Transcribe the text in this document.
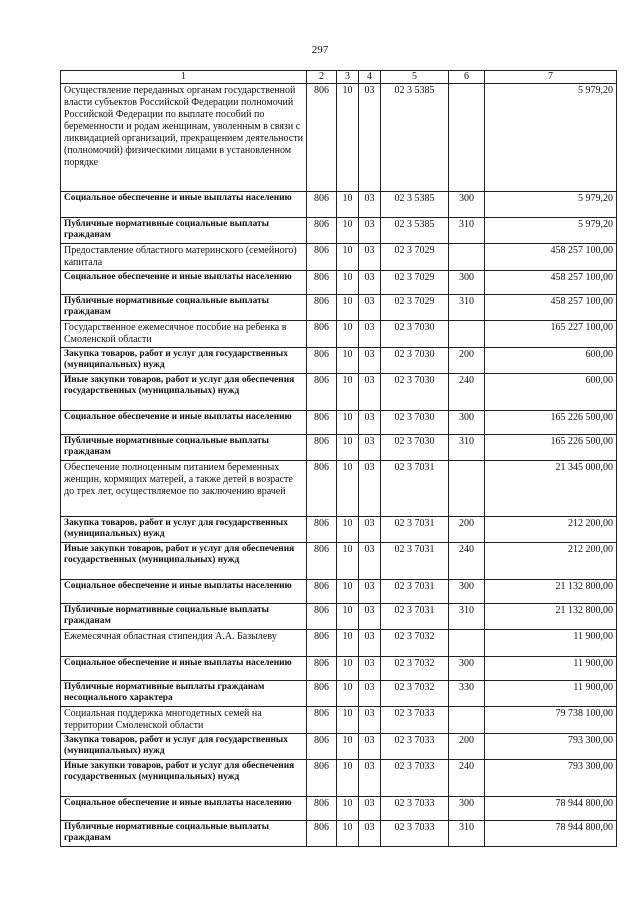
297
1	2	3	4	5	6	7
Осуществление переданных органам государственной власти субъектов Российской Федерации полномочий Российской Федерации по выплате пособий по беременности и родам женщинам, уволенным в связи с ликвидацией организаций, прекращением деятельности (полномочий) физическими лицами в установленном порядке	806	10	03	02 3 5385		5 979,20
Социальное обеспечение и иные выплаты населению	806	10	03	02 3 5385	300	5 979,20
Публичные нормативные социальные выплаты гражданам	806	10	03	02 3 5385	310	5 979,20
Предоставление областного материнского (семейного) капитала	806	10	03	02 3 7029		458 257 100,00
Социальное обеспечение и иные выплаты населению	806	10	03	02 3 7029	300	458 257 100,00
Публичные нормативные социальные выплаты гражданам	806	10	03	02 3 7029	310	458 257 100,00
Государственное ежемесячное пособие на ребенка в Смоленской области	806	10	03	02 3 7030		165 227 100,00
Закупка товаров, работ и услуг для государственных (муниципальных) нужд	806	10	03	02 3 7030	200	600,00
Иные закупки товаров, работ и услуг для обеспечения государственных (муниципальных) нужд	806	10	03	02 3 7030	240	600,00
Социальное обеспечение и иные выплаты населению	806	10	03	02 3 7030	300	165 226 500,00
Публичные нормативные социальные выплаты гражданам	806	10	03	02 3 7030	310	165 226 500,00
Обеспечение полноценным питанием беременных женщин, кормящих матерей, а также детей в возрасте до трех лет, осуществляемое по заключению врачей	806	10	03	02 3 7031		21 345 000,00
Закупка товаров, работ и услуг для государственных (муниципальных) нужд	806	10	03	02 3 7031	200	212 200,00
Иные закупки товаров, работ и услуг для обеспечения государственных (муниципальных) нужд	806	10	03	02 3 7031	240	212 200,00
Социальное обеспечение и иные выплаты населению	806	10	03	02 3 7031	300	21 132 800,00
Публичные нормативные социальные выплаты гражданам	806	10	03	02 3 7031	310	21 132 800,00
Ежемесячная областная стипендия А.А. Базылеву	806	10	03	02 3 7032		11 900,00
Социальное обеспечение и иные выплаты населению	806	10	03	02 3 7032	300	11 900,00
Публичные нормативные выплаты гражданам несоциального характера	806	10	03	02 3 7032	330	11 900,00
Социальная поддержка многодетных семей на территории Смоленской области	806	10	03	02 3 7033		79 738 100,00
Закупка товаров, работ и услуг для государственных (муниципальных) нужд	806	10	03	02 3 7033	200	793 300,00
Иные закупки товаров, работ и услуг для обеспечения государственных (муниципальных) нужд	806	10	03	02 3 7033	240	793 300,00
Социальное обеспечение и иные выплаты населению	806	10	03	02 3 7033	300	78 944 800,00
Публичные нормативные социальные выплаты гражданам	806	10	03	02 3 7033	310	78 944 800,00
